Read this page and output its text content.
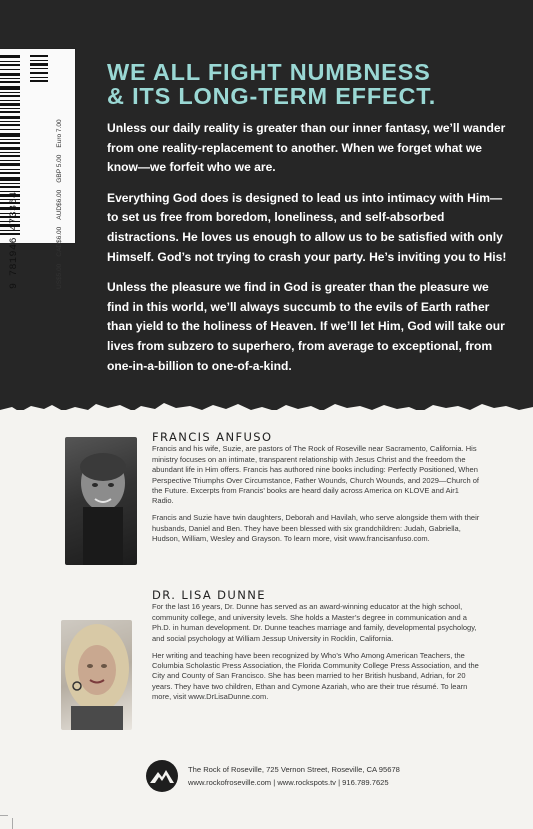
9 781946 473364	US$5.00
CAD$6.00
AUD$6.00
GBP 5.00
Euro 7.00
WE ALL FIGHT NUMBNESS
& ITS LONG-TERM EFFECT.

Unless our daily reality is greater than our inner fantasy, we’ll wander from one reality-replacement to another. When we forget what we know—we forfeit who we are.

Everything God does is designed to lead us into intimacy with Him—to set us free from boredom, loneliness, and self-absorbed distractions. He loves us enough to allow us to be satisfied with only Himself. God’s not trying to crash your party. He’s inviting you to His!

Unless the pleasure we find in God is greater than the pleasure we find in this world, we’ll always succumb to the evils of Earth rather than yield to the holiness of Heaven. If we’ll let Him, God will take our lives from subzero to superhero, from average to exceptional, from one-in-a-billion to one-of-a-kind.

FRANCIS ANFUSO

Francis and his wife, Suzie, are pastors of The Rock of Roseville near Sacramento, California. His ministry focuses on an intimate, transparent relationship with Jesus Christ and the freedom the abundant life in Him offers. Francis has authored nine books including: Perfectly Positioned, When Perspective Triumphs Over Circumstance, Father Wounds, Church Wounds, and 2029—Church of the Future. Excerpts from Francis’ books are heard daily across America on KLOVE and Air1 Radio.

Francis and Suzie have twin daughters, Deborah and Havilah, who serve alongside them with their husbands, Daniel and Ben. They have been blessed with six grandchildren: Judah, Gabriella, Hudson, William, Wesley and Grayson. To learn more, visit www.francisanfuso.com.

DR. LISA DUNNE

For the last 16 years, Dr. Dunne has served as an award-winning educator at the high school, community college, and university levels. She holds a Master’s degree in communication and a Ph.D. in human development. Dr. Dunne teaches marriage and family, developmental psychology, and social psychology at William Jessup University in Rocklin, California.

Her writing and teaching have been recognized by Who’s Who Among American Teachers, the Columbia Scholastic Press Association, the Florida Community College Press Association, and the City and County of San Francisco. She has been married to her British husband, Adrian, for 20 years. They have two children, Ethan and Cymone Azariah, who are their true résumé. To learn more, visit www.DrLisaDunne.com.

The Rock of Roseville, 725 Vernon Street, Roseville, CA 95678
www.rockofroseville.com | www.rockspots.tv | 916.789.7625
